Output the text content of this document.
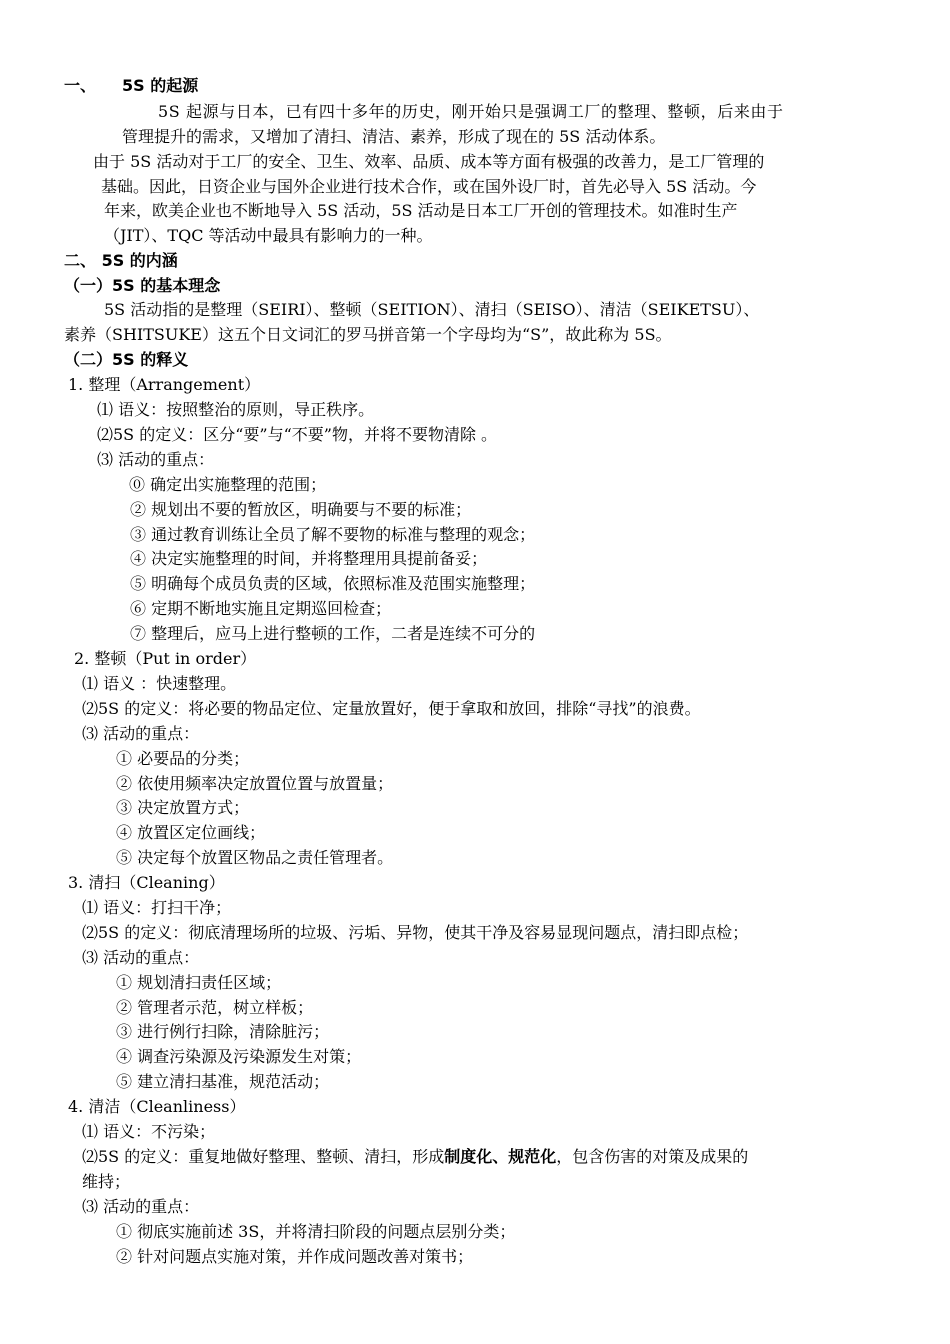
一、 5S 的起源
5S 起源与日本，已有四十多年的历史，刚开始只是强调工厂的整理、整顿，后来由于
管理提升的需求，又增加了清扫、清洁、素养，形成了现在的 5S 活动体系。
由于 5S 活动对于工厂的安全、卫生、效率、品质、成本等方面有极强的改善力，是工厂管理的
基础。因此，日资企业与国外企业进行技术合作，或在国外设厂时，首先必导入 5S 活动。今
年来，欧美企业也不断地导入 5S 活动，5S 活动是日本工厂开创的管理技术。如准时生产
（JIT）、TQC 等活动中最具有影响力的一种。
二、 5S 的内涵
（一）5S 的基本理念
5S 活动指的是整理（SEIRI）、整顿（SEITION）、清扫（SEISO）、清洁（SEIKETSU）、
素养（SHITSUKE）这五个日文词汇的罗马拼音第一个字母均为“S”，故此称为 5S。
（二）5S 的释义
1. 整理（Arrangement）
⑴ 语义：按照整治的原则，导正秩序。
⑵5S 的定义：区分“要”与“不要”物，并将不要物清除 。
⑶ 活动的重点：
⓪ 确定出实施整理的范围；
② 规划出不要的暂放区，明确要与不要的标准；
③ 通过教育训练让全员了解不要物的标准与整理的观念；
④ 决定实施整理的时间，并将整理用具提前备妥；
⑤ 明确每个成员负责的区域，依照标准及范围实施整理；
⑥ 定期不断地实施且定期巡回检查；
⑦ 整理后，应马上进行整顿的工作，二者是连续不可分的
2. 整顿（Put in order）
⑴ 语义 ：快速整理。
⑵5S 的定义：将必要的物品定位、定量放置好，便于拿取和放回，排除“寻找”的浪费。
⑶ 活动的重点：
① 必要品的分类；
② 依使用频率决定放置位置与放置量；
③ 决定放置方式；
④ 放置区定位画线；
⑤ 决定每个放置区物品之责任管理者。
3. 清扫（Cleaning）
⑴ 语义：打扫干净；
⑵5S 的定义：彻底清理场所的垃圾、污垢、异物，使其干净及容易显现问题点，清扫即点检；
⑶ 活动的重点：
① 规划清扫责任区域；
② 管理者示范，树立样板；
③ 进行例行扫除，清除脏污；
④ 调查污染源及污染源发生对策；
⑤ 建立清扫基准，规范活动；
4. 清洁（Cleanliness）
⑴ 语义：不污染；
⑵5S 的定义：重复地做好整理、整顿、清扫，形成制度化、规范化，包含伤害的对策及成果的
维持；
⑶ 活动的重点：
① 彻底实施前述 3S，并将清扫阶段的问题点层别分类；
② 针对问题点实施对策，并作成问题改善对策书；
